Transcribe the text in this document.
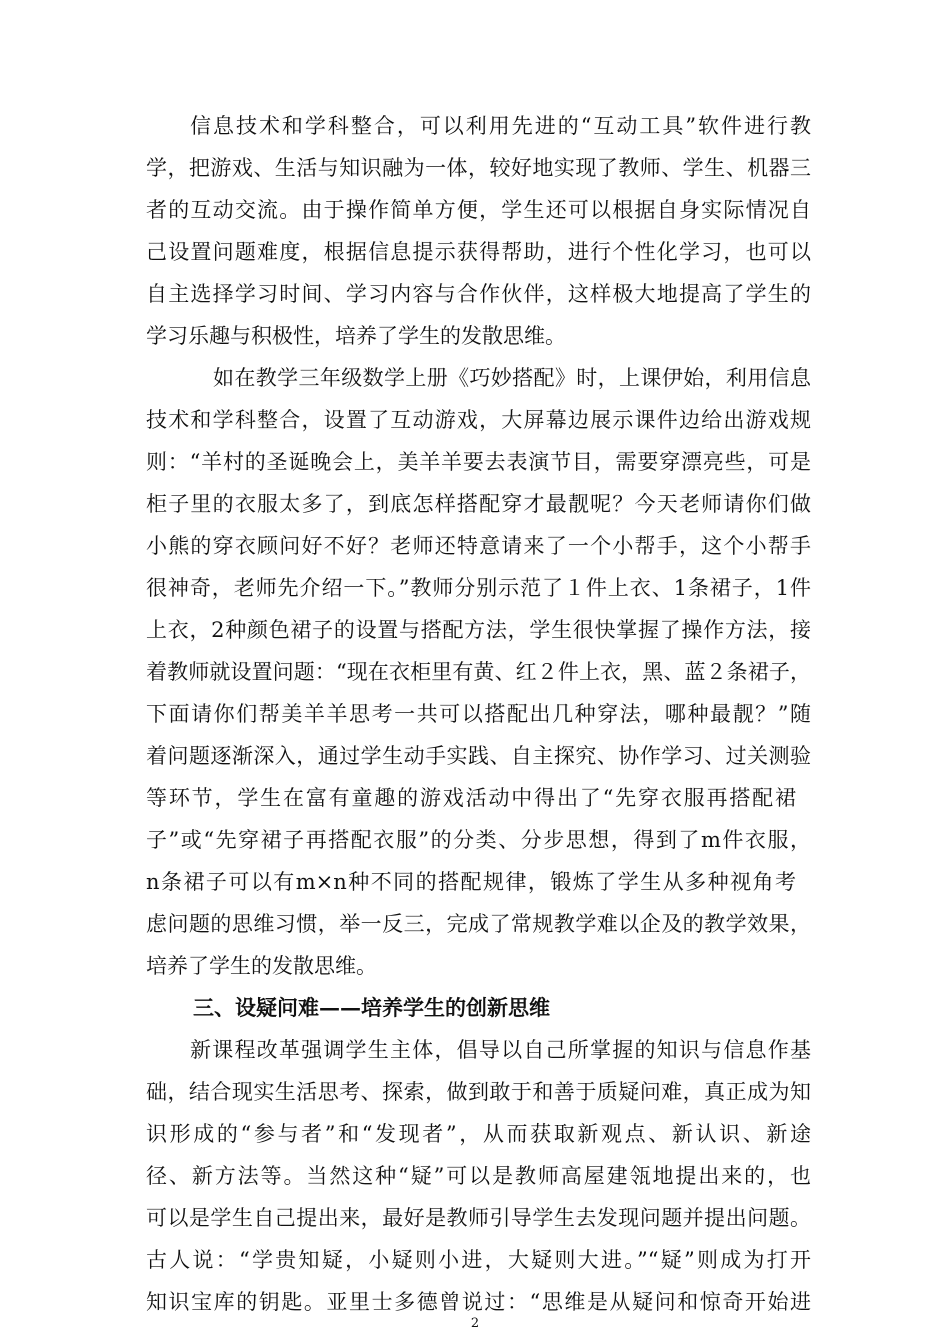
信息技术和学科整合，可以利用先进的“互动工具”软件进行教
学，把游戏、生活与知识融为一体，较好地实现了教师、学生、机器三
者的互动交流。由于操作简单方便，学生还可以根据自身实际情况自
己设置问题难度，根据信息提示获得帮助，进行个性化学习，也可以
自主选择学习时间、学习内容与合作伙伴，这样极大地提高了学生的
学习乐趣与积极性，培养了学生的发散思维。
如在教学三年级数学上册《巧妙搭配》时，上课伊始，利用信息
技术和学科整合，设置了互动游戏，大屏幕边展示课件边给出游戏规
则：“羊村的圣诞晚会上，美羊羊要去表演节目，需要穿漂亮些，可是
柜子里的衣服太多了，到底怎样搭配穿才最靓呢？今天老师请你们做
小熊的穿衣顾问好不好？老师还特意请来了一个小帮手，这个小帮手
很神奇，老师先介绍一下。”教师分别示范了１件上衣、1条裙子，1件
上衣，2种颜色裙子的设置与搭配方法，学生很快掌握了操作方法，接
着教师就设置问题：“现在衣柜里有黄、红２件上衣，黑、蓝２条裙子，
下面请你们帮美羊羊思考一共可以搭配出几种穿法，哪种最靓？”随
着问题逐渐深入，通过学生动手实践、自主探究、协作学习、过关测验
等环节，学生在富有童趣的游戏活动中得出了“先穿衣服再搭配裙
子”或“先穿裙子再搭配衣服”的分类、分步思想，得到了m件衣服，
n条裙子可以有m×n种不同的搭配规律，锻炼了学生从多种视角考
虑问题的思维习惯，举一反三，完成了常规教学难以企及的教学效果，
培养了学生的发散思维。
三、设疑问难——培养学生的创新思维
新课程改革强调学生主体，倡导以自己所掌握的知识与信息作基
础，结合现实生活思考、探索，做到敢于和善于质疑问难，真正成为知
识形成的“参与者”和“发现者”，从而获取新观点、新认识、新途
径、新方法等。当然这种“疑”可以是教师高屋建瓴地提出来的，也
可以是学生自己提出来，最好是教师引导学生去发现问题并提出问题。
古人说：“学贵知疑，小疑则小进，大疑则大进。”“疑”则成为打开
知识宝库的钥匙。亚里士多德曾说过：“思维是从疑问和惊奇开始进
2
